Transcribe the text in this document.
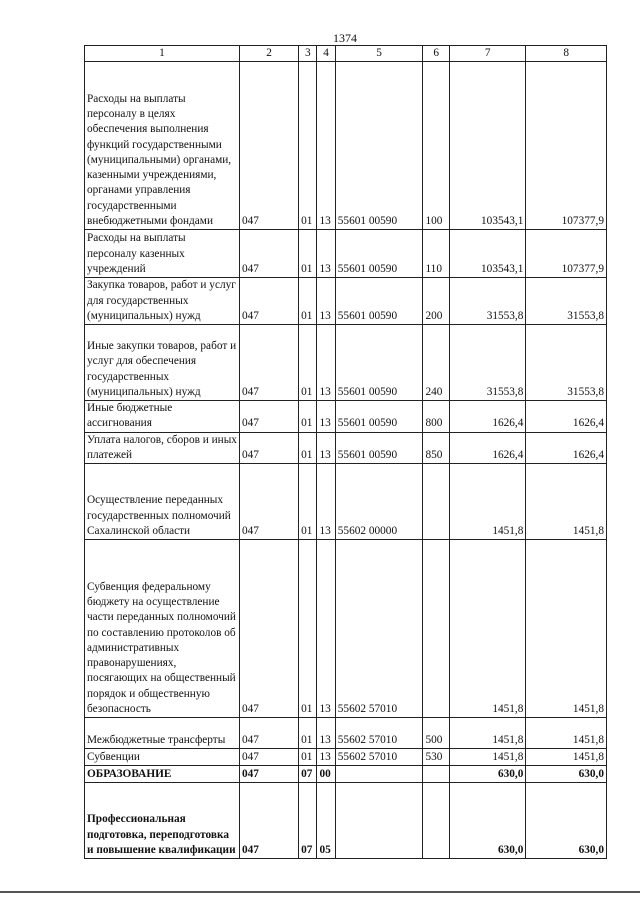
1374
1	2	3	4	5	6	7	8
Расходы на выплаты персоналу в целях обеспечения выполнения функций государственными (муниципальными) органами, казенными учреждениями, органами управления государственными внебюджетными фондами	047	01	13	55601 00590	100	103543,1	107377,9
Расходы на выплаты персоналу казенных учреждений	047	01	13	55601 00590	110	103543,1	107377,9
Закупка товаров, работ и услуг для государственных (муниципальных) нужд	047	01	13	55601 00590	200	31553,8	31553,8
Иные закупки товаров, работ и услуг для обеспечения государственных (муниципальных) нужд	047	01	13	55601 00590	240	31553,8	31553,8
Иные бюджетные ассигнования	047	01	13	55601 00590	800	1626,4	1626,4
Уплата налогов, сборов и иных платежей	047	01	13	55601 00590	850	1626,4	1626,4
Осуществление переданных государственных полномочий Сахалинской области	047	01	13	55602 00000		1451,8	1451,8
Субвенция федеральному бюджету на осуществление части переданных полномочий по составлению протоколов об административных правонарушениях, посягающих на общественный порядок и общественную безопасность	047	01	13	55602 57010		1451,8	1451,8
Межбюджетные трансферты	047	01	13	55602 57010	500	1451,8	1451,8
Субвенции	047	01	13	55602 57010	530	1451,8	1451,8
ОБРАЗОВАНИЕ	047	07	00			630,0	630,0
Профессиональная подготовка, переподготовка и повышение квалификации	047	07	05			630,0	630,0
